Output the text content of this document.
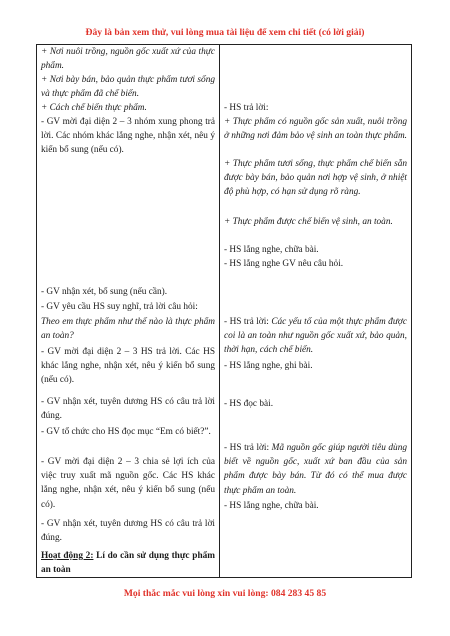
Đây là bản xem thử, vui lòng mua tài liệu để xem chi tiết (có lời giải)

+ Nơi nuôi trồng, nguồn gốc xuất xứ của thực phẩm.

+ Nơi bày bán, bảo quản thực phẩm tươi sống và thực phẩm đã chế biến.

+ Cách chế biến thực phẩm.

- GV mời đại diện 2 – 3 nhóm xung phong trả lời. Các nhóm khác lắng nghe, nhận xét, nêu ý kiến bổ sung (nếu có).

- GV nhận xét, bổ sung (nếu cần).

- GV yêu cầu HS suy nghĩ, trả lời câu hỏi:

Theo em thực phẩm như thế nào là thực phẩm an toàn?

- GV mời đại diện 2 – 3 HS trả lời. Các HS khác lắng nghe, nhận xét, nêu ý kiến bổ sung (nếu có).

- GV nhận xét, tuyên dương HS có câu trả lời đúng.

- GV tổ chức cho HS đọc mục “Em có biết?”.

- GV mời đại diện 2 – 3 chia sẻ lợi ích của việc truy xuất mã nguồn gốc. Các HS khác lắng nghe, nhận xét, nêu ý kiến bổ sung (nếu có).

- GV nhận xét, tuyên dương HS có câu trả lời đúng.

Hoạt động 2: Lí do cần sử dụng thực phẩm an toàn

- HS trả lời:

+ Thực phẩm có nguồn gốc sản xuất, nuôi trồng ở những nơi đảm bảo vệ sinh an toàn thực phẩm.

+ Thực phẩm tươi sống, thực phẩm chế biến sẵn được bày bán, bảo quản nơi hợp vệ sinh, ở nhiệt độ phù hợp, có hạn sử dụng rõ ràng.

+ Thực phẩm được chế biến vệ sinh, an toàn.

- HS lắng nghe, chữa bài.

- HS lắng nghe GV nêu câu hỏi.

- HS trả lời: Các yếu tố của một thực phẩm được coi là an toàn như nguồn gốc xuất xứ, bảo quản, thời hạn, cách chế biến.

- HS lắng nghe, ghi bài.

- HS đọc bài.

- HS trả lời: Mã nguồn gốc giúp người tiêu dùng biết về nguồn gốc, xuất xứ ban đầu của sản phẩm được bày bán. Từ đó có thể mua được thực phẩm an toàn.

- HS lắng nghe, chữa bài.

Mọi thắc mắc vui lòng xin vui lòng: 084 283 45 85
